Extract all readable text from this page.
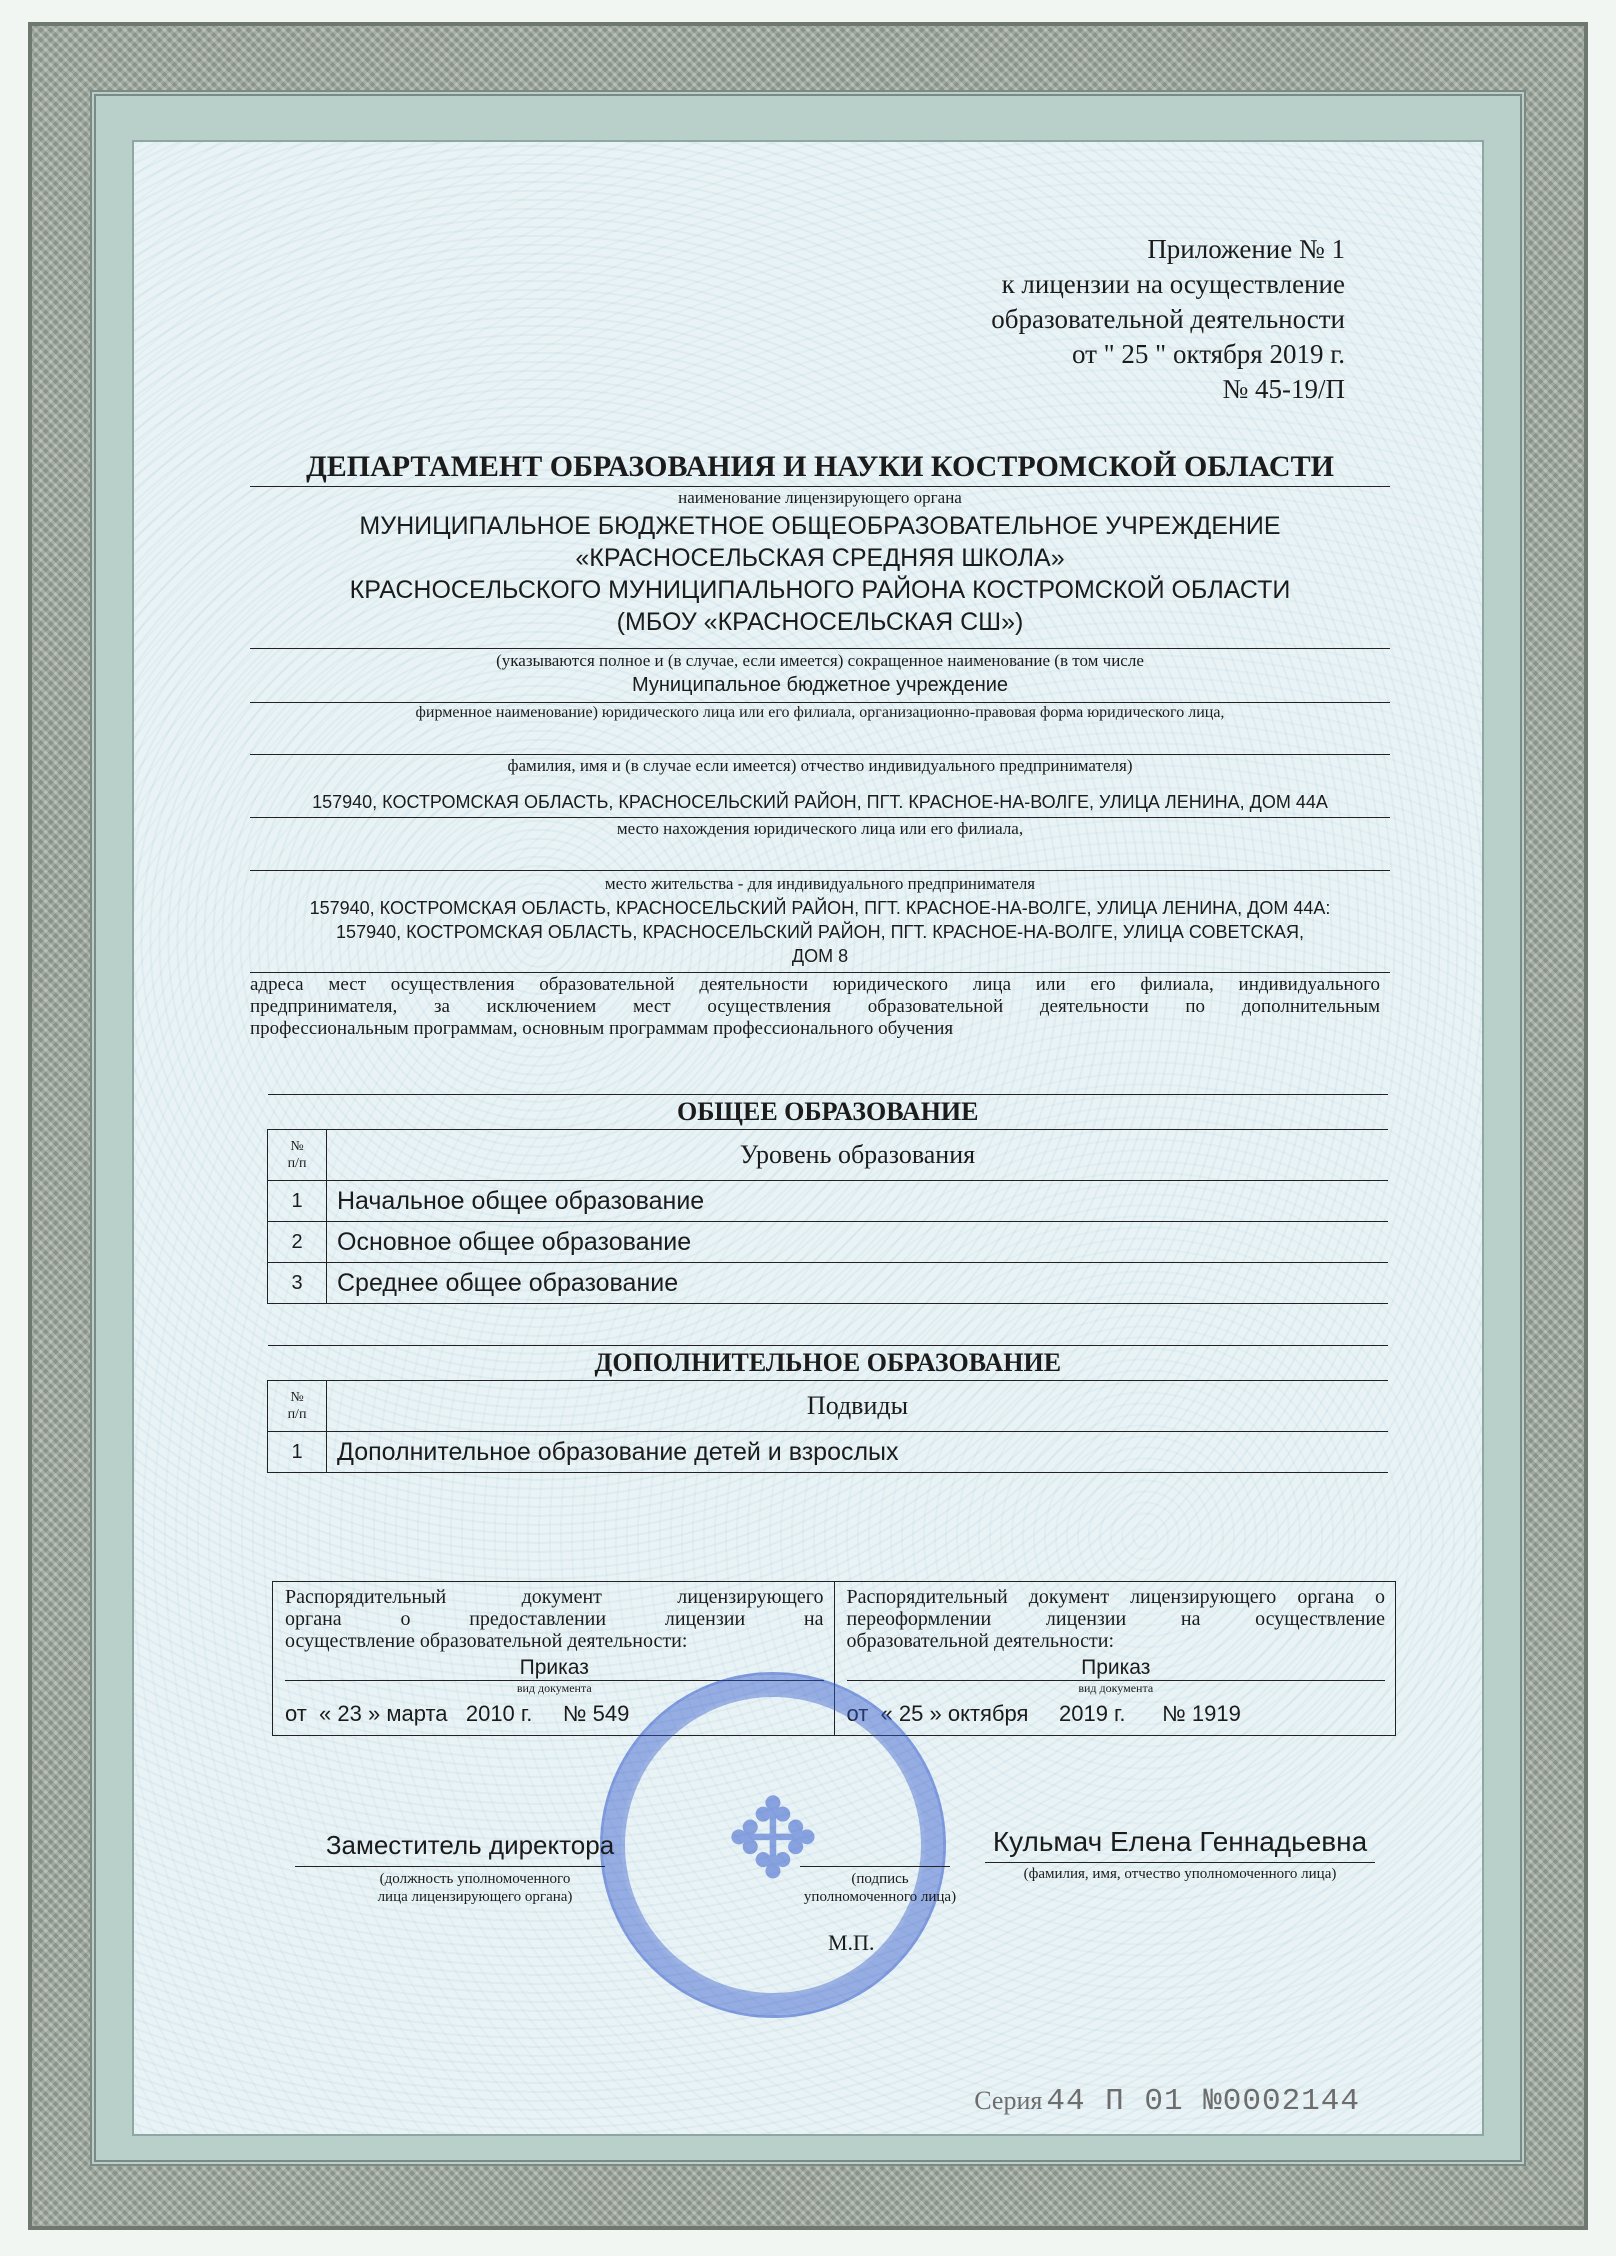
Приложение № 1
к лицензии на осуществление
образовательной деятельности
от " 25 " октября 2019 г.
№ 45-19/П
ДЕПАРТАМЕНТ ОБРАЗОВАНИЯ И НАУКИ КОСТРОМСКОЙ ОБЛАСТИ
наименование лицензирующего органа
МУНИЦИПАЛЬНОЕ БЮДЖЕТНОЕ ОБЩЕОБРАЗОВАТЕЛЬНОЕ УЧРЕЖДЕНИЕ
«КРАСНОСЕЛЬСКАЯ СРЕДНЯЯ ШКОЛА»
КРАСНОСЕЛЬСКОГО МУНИЦИПАЛЬНОГО РАЙОНА КОСТРОМСКОЙ ОБЛАСТИ
(МБОУ «КРАСНОСЕЛЬСКАЯ СШ»)
(указываются полное и (в случае, если имеется) сокращенное наименование (в том числе
Муниципальное бюджетное учреждение
фирменное наименование) юридического лица или его филиала, организационно-правовая форма юридического лица,
фамилия, имя и (в случае если имеется) отчество индивидуального предпринимателя)
157940, КОСТРОМСКАЯ ОБЛАСТЬ, КРАСНОСЕЛЬСКИЙ РАЙОН, ПГТ. КРАСНОЕ-НА-ВОЛГЕ, УЛИЦА ЛЕНИНА, ДОМ 44А
место нахождения юридического лица или его филиала,
место жительства - для индивидуального предпринимателя
157940, КОСТРОМСКАЯ ОБЛАСТЬ, КРАСНОСЕЛЬСКИЙ РАЙОН, ПГТ. КРАСНОЕ-НА-ВОЛГЕ, УЛИЦА ЛЕНИНА, ДОМ 44А:
157940, КОСТРОМСКАЯ ОБЛАСТЬ, КРАСНОСЕЛЬСКИЙ РАЙОН, ПГТ. КРАСНОЕ-НА-ВОЛГЕ, УЛИЦА СОВЕТСКАЯ,
ДОМ 8
адреса мест осуществления образовательной деятельности юридического лица или его филиала, индивидуального
предпринимателя, за исключением мест осуществления образовательной деятельности по дополнительным
профессиональным программам, основным программам профессионального обучения
ОБЩЕЕ ОБРАЗОВАНИЕ	

№
п/п	Уровень образования
1	Начальное общее образование
2	Основное общее образование
3	Среднее общее образование
ДОПОЛНИТЕЛЬНОЕ ОБРАЗОВАНИЕ	

№
п/п	Подвиды
1	Дополнительное образование детей и взрослых
Распорядительный документ лицензирующего
органа о предоставлении лицензии на
осуществление образовательной деятельности:
Приказ
вид документа
от  « 23 » марта   2010 г.     № 549

Распорядительный документ лицензирующего органа о
переоформлении лицензии на осуществление
образовательной деятельности:
Приказ
вид документа
от  « 25 » октября     2019 г.      № 1919
✥
Заместитель директора
(должность уполномоченного
лица лицензирующего органа)
(подпись
уполномоченного лица)
Кульмач Елена Геннадьевна
(фамилия, имя, отчество уполномоченного лица)
М.П.
Серия 44 П 01 №0002144
